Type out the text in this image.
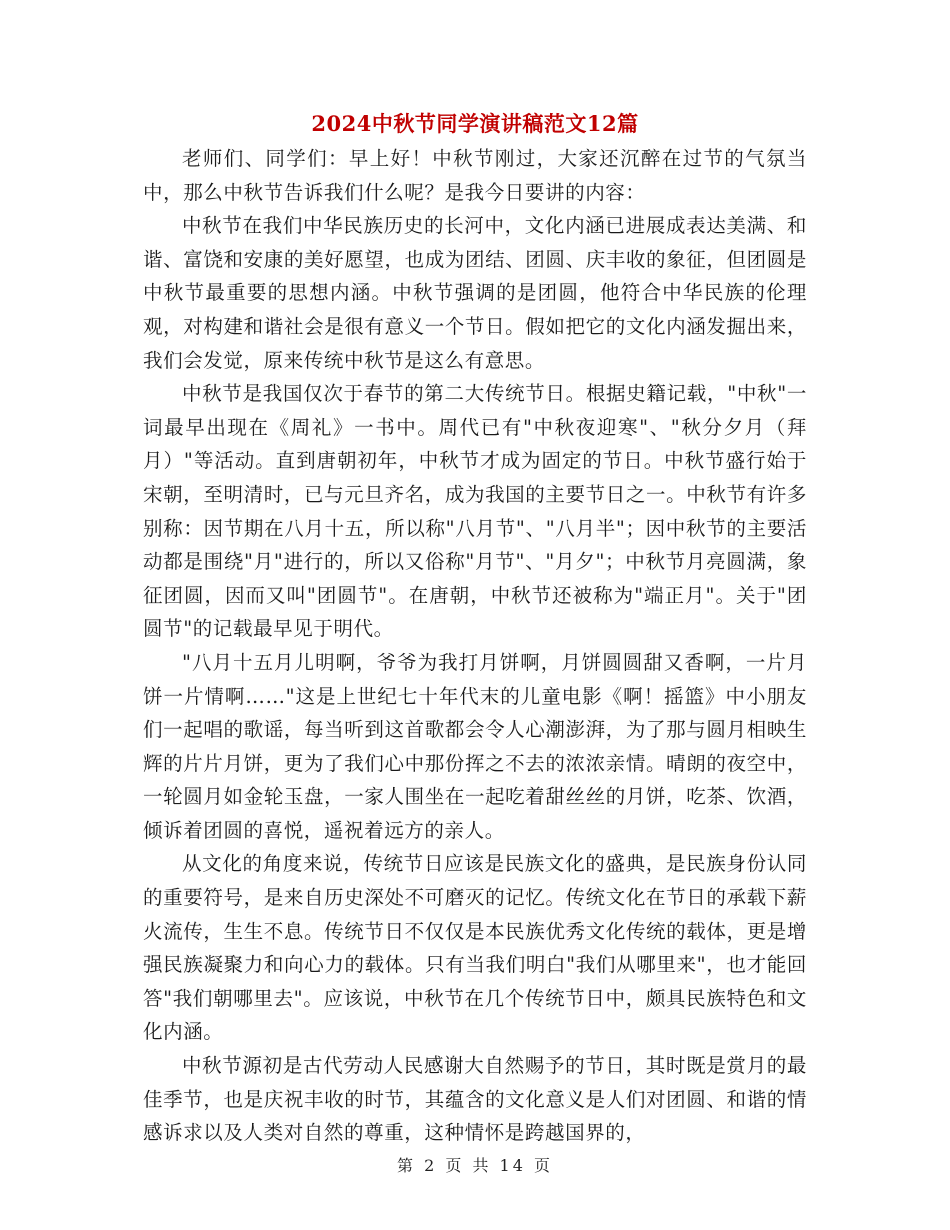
2024中秋节同学演讲稿范文12篇

老师们、同学们：早上好！中秋节刚过，大家还沉醉在过节的气氛当中，那么中秋节告诉我们什么呢？是我今日要讲的内容：

中秋节在我们中华民族历史的长河中，文化内涵已进展成表达美满、和谐、富饶和安康的美好愿望，也成为团结、团圆、庆丰收的象征，但团圆是中秋节最重要的思想内涵。中秋节强调的是团圆，他符合中华民族的伦理观，对构建和谐社会是很有意义一个节日。假如把它的文化内涵发掘出来，我们会发觉，原来传统中秋节是这么有意思。

中秋节是我国仅次于春节的第二大传统节日。根据史籍记载，"中秋"一词最早出现在《周礼》一书中。周代已有"中秋夜迎寒"、"秋分夕月（拜月）"等活动。直到唐朝初年，中秋节才成为固定的节日。中秋节盛行始于宋朝，至明清时，已与元旦齐名，成为我国的主要节日之一。中秋节有许多别称：因节期在八月十五，所以称"八月节"、"八月半"；因中秋节的主要活动都是围绕"月"进行的，所以又俗称"月节"、"月夕"；中秋节月亮圆满，象征团圆，因而又叫"团圆节"。在唐朝，中秋节还被称为"端正月"。关于"团圆节"的记载最早见于明代。

"八月十五月儿明啊，爷爷为我打月饼啊，月饼圆圆甜又香啊，一片月饼一片情啊……"这是上世纪七十年代末的儿童电影《啊！摇篮》中小朋友们一起唱的歌谣，每当听到这首歌都会令人心潮澎湃，为了那与圆月相映生辉的片片月饼，更为了我们心中那份挥之不去的浓浓亲情。晴朗的夜空中，一轮圆月如金轮玉盘，一家人围坐在一起吃着甜丝丝的月饼，吃茶、饮酒，倾诉着团圆的喜悦，遥祝着远方的亲人。

从文化的角度来说，传统节日应该是民族文化的盛典，是民族身份认同的重要符号，是来自历史深处不可磨灭的记忆。传统文化在节日的承载下薪火流传，生生不息。传统节日不仅仅是本民族优秀文化传统的载体，更是增强民族凝聚力和向心力的载体。只有当我们明白"我们从哪里来"，也才能回答"我们朝哪里去"。应该说，中秋节在几个传统节日中，颇具民族特色和文化内涵。

中秋节源初是古代劳动人民感谢大自然赐予的节日，其时既是赏月的最佳季节，也是庆祝丰收的时节，其蕴含的文化意义是人们对团圆、和谐的情感诉求以及人类对自然的尊重，这种情怀是跨越国界的，

第 2 页 共 14 页
